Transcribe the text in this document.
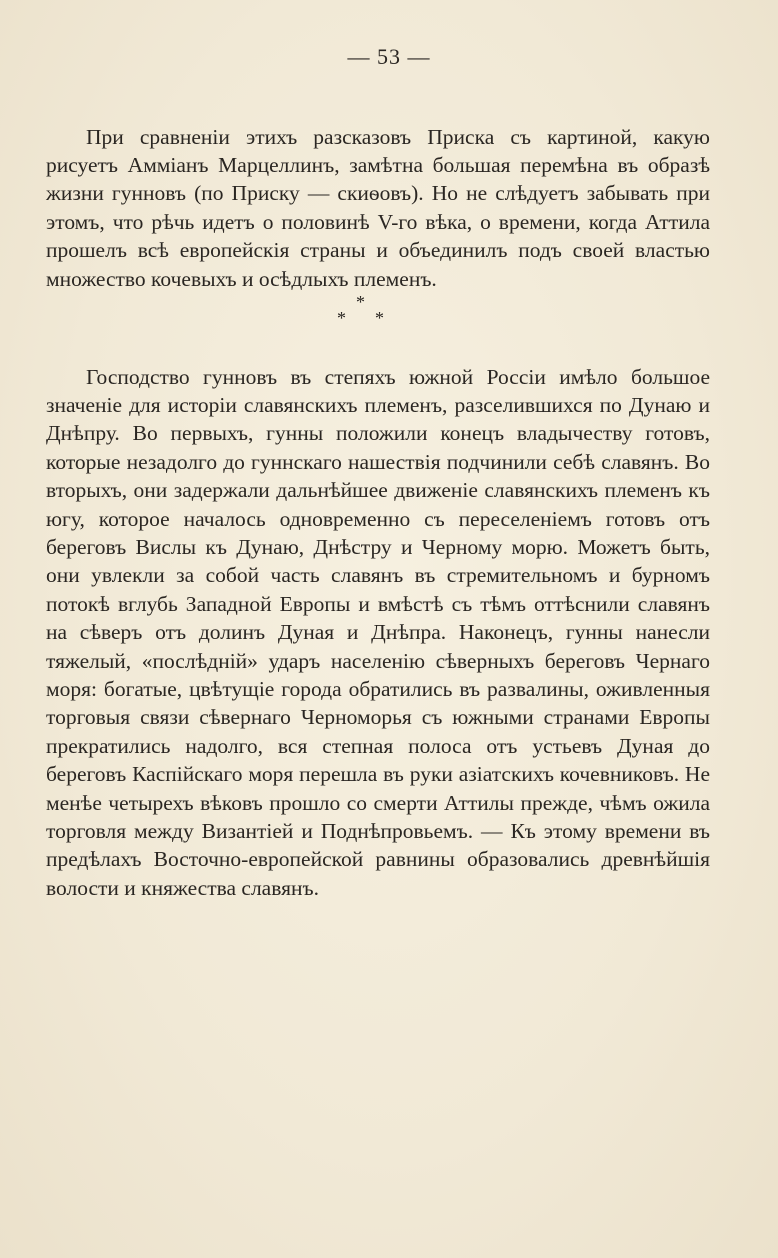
— 53 —

При сравненіи этихъ разсказовъ Приска съ картиной, какую рисуетъ Амміанъ Марцеллинъ, замѣтна большая перемѣна въ образѣ жизни гунновъ (по Приску — скиѳовъ). Но не слѣдуетъ забывать при этомъ, что рѣчь идетъ о половинѣ V-го вѣка, о времени, когда Аттила прошелъ всѣ европейскія страны и объединилъ подъ своей властью множество кочевыхъ и осѣдлыхъ племенъ.

*
* *

Господство гунновъ въ степяхъ южной Россіи имѣло большое значеніе для исторіи славянскихъ племенъ, разселившихся по Дунаю и Днѣпру. Во первыхъ, гунны положили конецъ владычеству готовъ, которые незадолго до гуннскаго нашествія подчинили себѣ славянъ. Во вторыхъ, они задержали дальнѣйшее движеніе славянскихъ племенъ къ югу, которое началось одновременно съ переселеніемъ готовъ отъ береговъ Вислы къ Дунаю, Днѣстру и Черному морю. Можетъ быть, они увлекли за собой часть славянъ въ стремительномъ и бурномъ потокѣ вглубь Западной Европы и вмѣстѣ съ тѣмъ оттѣснили славянъ на сѣверъ отъ долинъ Дуная и Днѣпра. Наконецъ, гунны нанесли тяжелый, «послѣдній» ударъ населенію сѣверныхъ береговъ Чернаго моря: богатые, цвѣтущіе города обратились въ развалины, оживленныя торговыя связи сѣвернаго Черноморья съ южными странами Европы прекратились надолго, вся степная полоса отъ устьевъ Дуная до береговъ Каспійскаго моря перешла въ руки азіатскихъ кочевниковъ. Не менѣе четырехъ вѣковъ прошло со смерти Аттилы прежде, чѣмъ ожила торговля между Византіей и Поднѣпровьемъ. — Къ этому времени въ предѣлахъ Восточно-европейской равнины образовались древнѣйшія волости и княжества славянъ.
